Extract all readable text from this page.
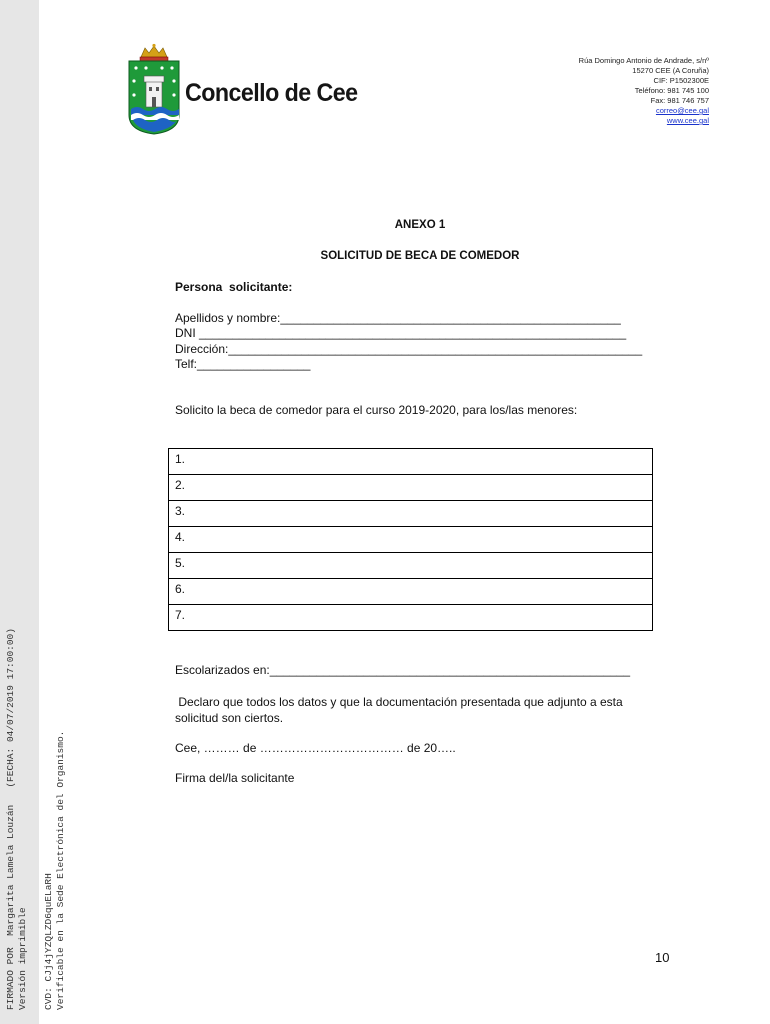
FIRMADO POR  Margarita Lamela Louzán   (FECHA: 04/07/2019 17:00:00) Versión imprimible CVD: CJj4jYZQLZD6quELaRH Verificable en la Sede Electrónica del Organismo.
Concello de Cee
Rúa Domingo Antonio de Andrade, s/nº
15270 CEE (A Coruña)
CIF: P1502300E
Teléfono: 981 745 100
Fax: 981 746 757
correo@cee.gal
www.cee.gal
ANEXO 1
SOLICITUD DE BECA DE COMEDOR
Persona  solicitante:
Apellidos y nombre:___________________________________________________
DNI ________________________________________________________________
Dirección:______________________________________________________________
Telf:_________________
Solicito la beca de comedor para el curso 2019-2020, para los/las menores:
1.
2.
3.
4.
5.
6.
7.
Escolarizados en:______________________________________________________
Declaro que todos los datos y que la documentación presentada que adjunto a esta
solicitud son ciertos.
Cee, ……… de ……………………………… de 20…..
Firma del/la solicitante
10
